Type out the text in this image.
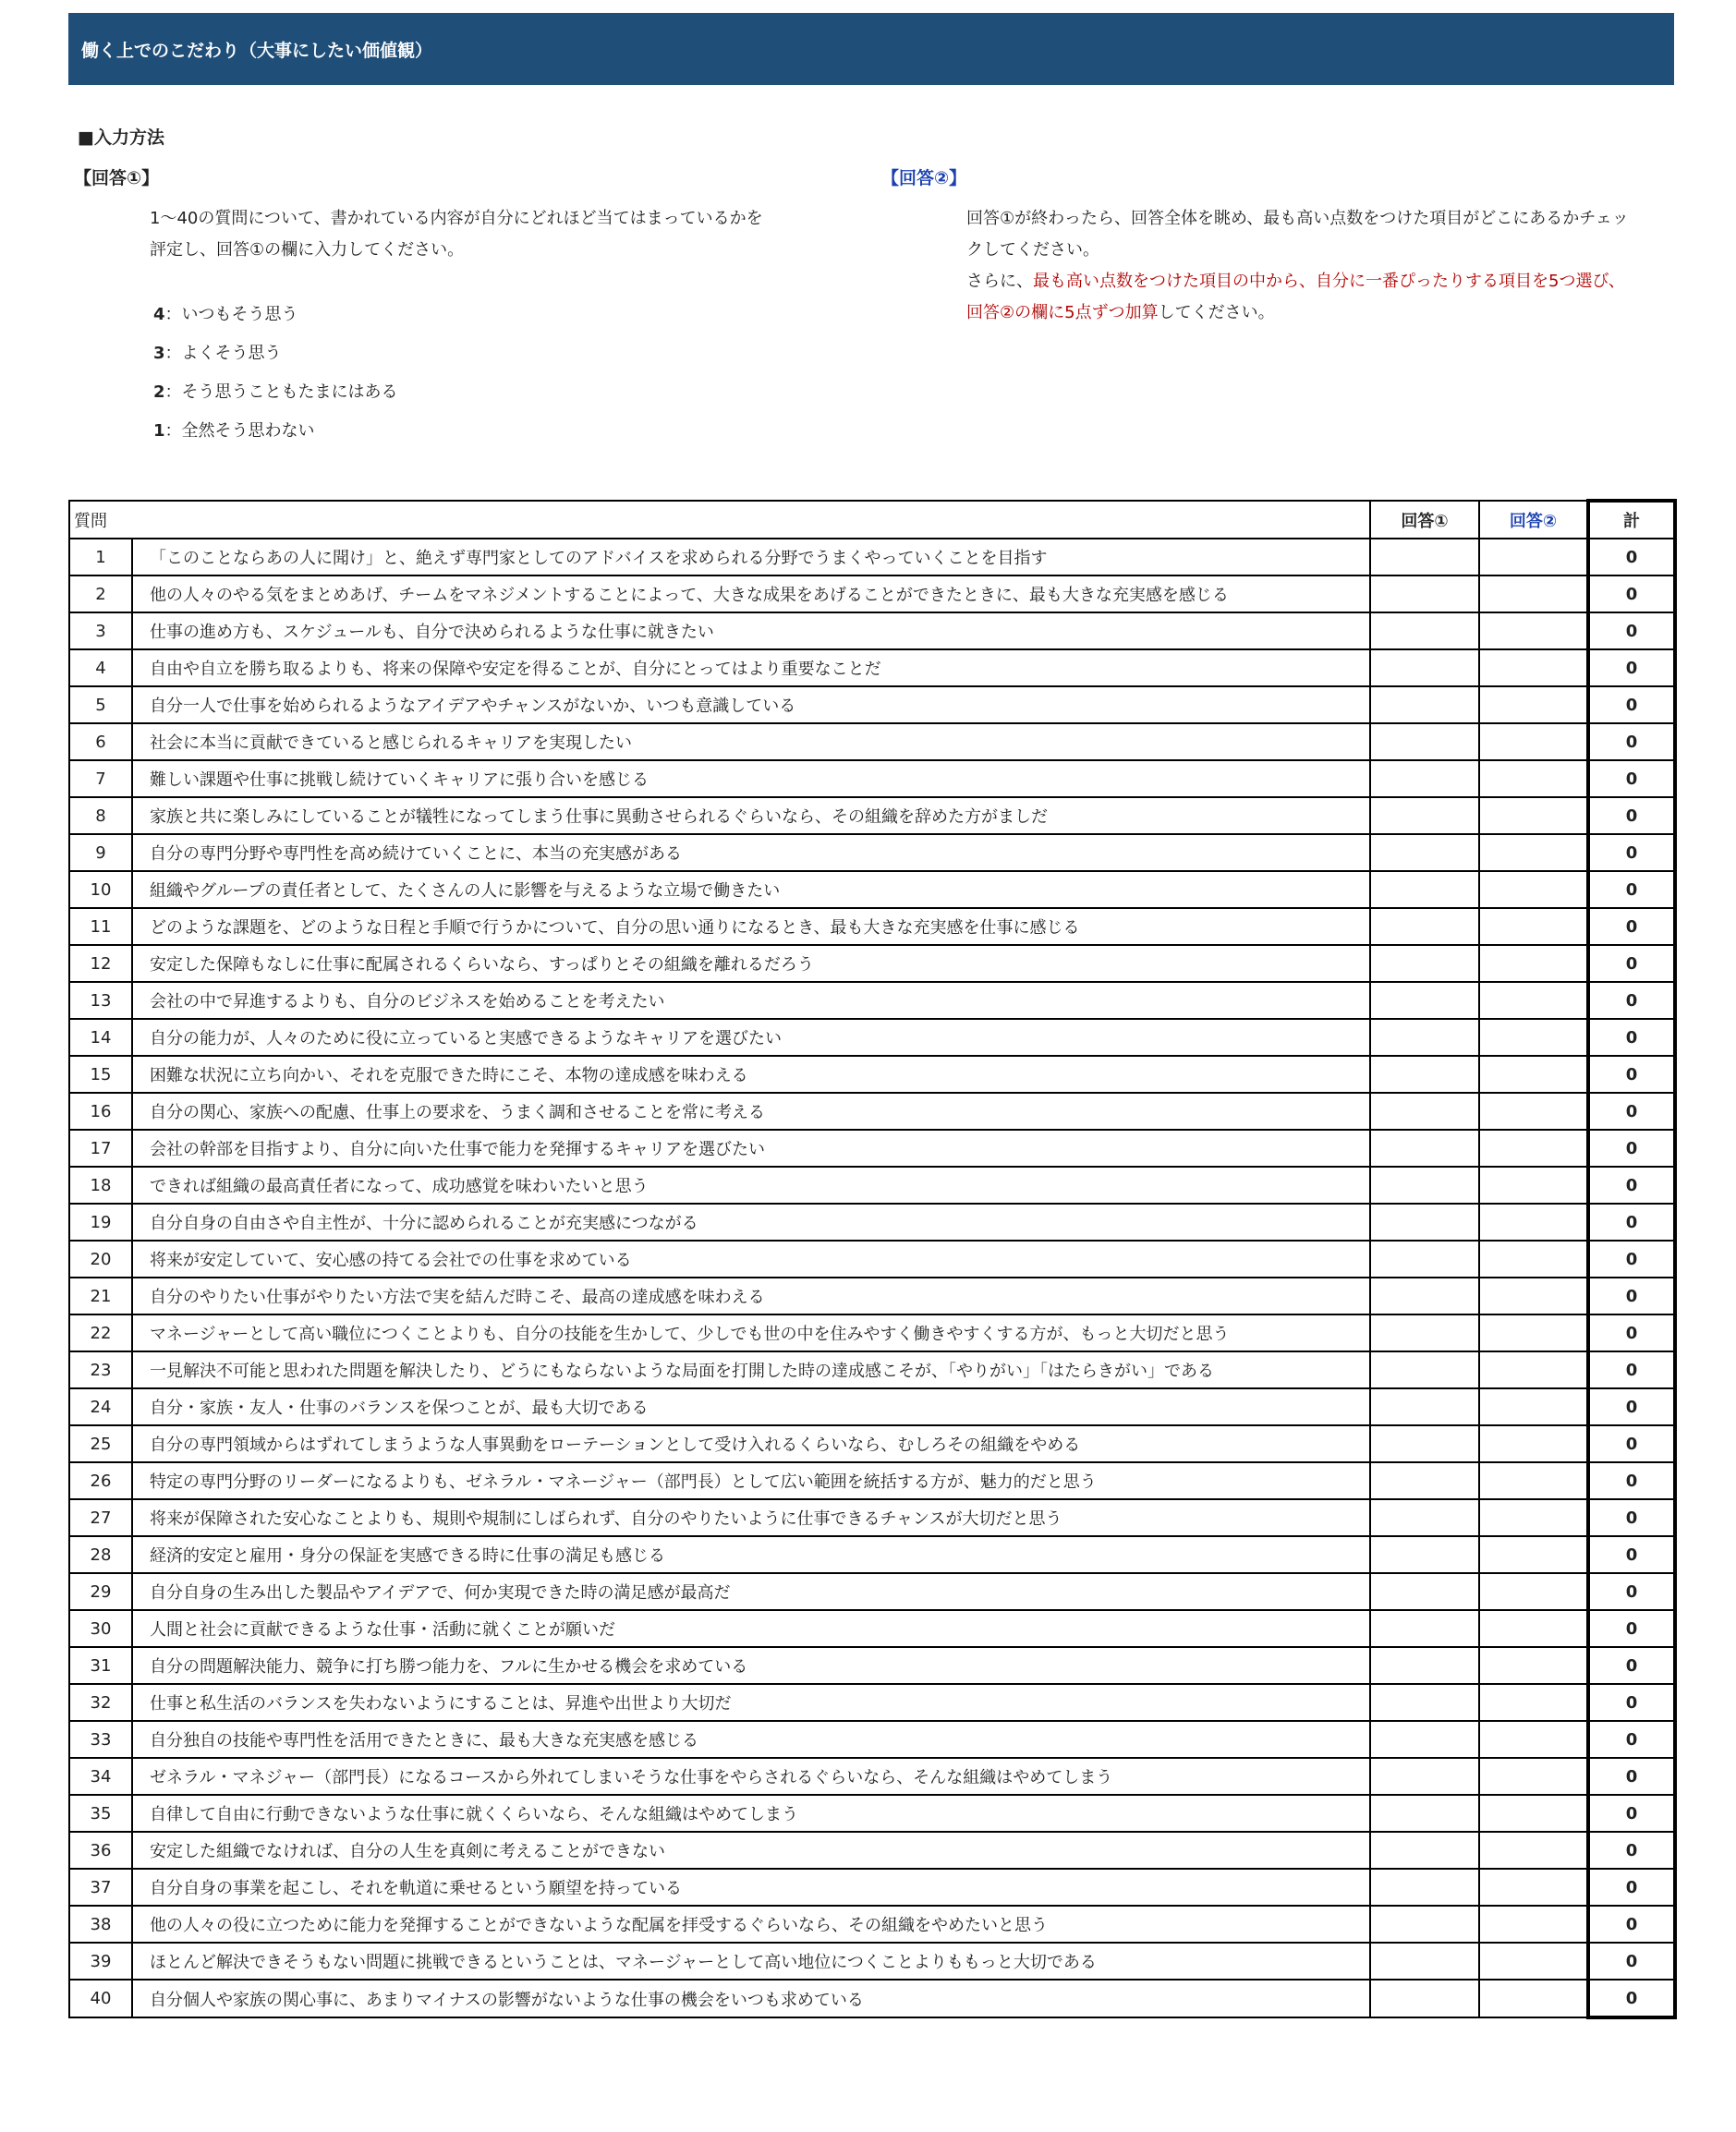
働く上でのこだわり（大事にしたい価値観）
■入力方法
【回答①】
1～40の質問について、書かれている内容が自分にどれほど当てはまっているかを
評定し、回答①の欄に入力してください。
4：いつもそう思う
3：よくそう思う
2：そう思うこともたまにはある
1：全然そう思わない
【回答②】
回答①が終わったら、回答全体を眺め、最も高い点数をつけた項目がどこにあるかチェッ
クしてください。
さらに、最も高い点数をつけた項目の中から、自分に一番ぴったりする項目を5つ選び、
回答②の欄に5点ずつ加算してください。
質問		回答①	回答②	計
1	「このことならあの人に聞け」と、絶えず専門家としてのアドバイスを求められる分野でうまくやっていくことを目指す			0
2	他の人々のやる気をまとめあげ、チームをマネジメントすることによって、大きな成果をあげることができたときに、最も大きな充実感を感じる			0
3	仕事の進め方も、スケジュールも、自分で決められるような仕事に就きたい			0
4	自由や自立を勝ち取るよりも、将来の保障や安定を得ることが、自分にとってはより重要なことだ			0
5	自分一人で仕事を始められるようなアイデアやチャンスがないか、いつも意識している			0
6	社会に本当に貢献できていると感じられるキャリアを実現したい			0
7	難しい課題や仕事に挑戦し続けていくキャリアに張り合いを感じる			0
8	家族と共に楽しみにしていることが犠牲になってしまう仕事に異動させられるぐらいなら、その組織を辞めた方がましだ			0
9	自分の専門分野や専門性を高め続けていくことに、本当の充実感がある			0
10	組織やグループの責任者として、たくさんの人に影響を与えるような立場で働きたい			0
11	どのような課題を、どのような日程と手順で行うかについて、自分の思い通りになるとき、最も大きな充実感を仕事に感じる			0
12	安定した保障もなしに仕事に配属されるくらいなら、すっぱりとその組織を離れるだろう			0
13	会社の中で昇進するよりも、自分のビジネスを始めることを考えたい			0
14	自分の能力が、人々のために役に立っていると実感できるようなキャリアを選びたい			0
15	困難な状況に立ち向かい、それを克服できた時にこそ、本物の達成感を味わえる			0
16	自分の関心、家族への配慮、仕事上の要求を、うまく調和させることを常に考える			0
17	会社の幹部を目指すより、自分に向いた仕事で能力を発揮するキャリアを選びたい			0
18	できれば組織の最高責任者になって、成功感覚を味わいたいと思う			0
19	自分自身の自由さや自主性が、十分に認められることが充実感につながる			0
20	将来が安定していて、安心感の持てる会社での仕事を求めている			0
21	自分のやりたい仕事がやりたい方法で実を結んだ時こそ、最高の達成感を味わえる			0
22	マネージャーとして高い職位につくことよりも、自分の技能を生かして、少しでも世の中を住みやすく働きやすくする方が、もっと大切だと思う			0
23	一見解決不可能と思われた問題を解決したり、どうにもならないような局面を打開した時の達成感こそが、「やりがい」「はたらきがい」である			0
24	自分・家族・友人・仕事のバランスを保つことが、最も大切である			0
25	自分の専門領域からはずれてしまうような人事異動をローテーションとして受け入れるくらいなら、むしろその組織をやめる			0
26	特定の専門分野のリーダーになるよりも、ゼネラル・マネージャー（部門長）として広い範囲を統括する方が、魅力的だと思う			0
27	将来が保障された安心なことよりも、規則や規制にしばられず、自分のやりたいように仕事できるチャンスが大切だと思う			0
28	経済的安定と雇用・身分の保証を実感できる時に仕事の満足も感じる			0
29	自分自身の生み出した製品やアイデアで、何か実現できた時の満足感が最高だ			0
30	人間と社会に貢献できるような仕事・活動に就くことが願いだ			0
31	自分の問題解決能力、競争に打ち勝つ能力を、フルに生かせる機会を求めている			0
32	仕事と私生活のバランスを失わないようにすることは、昇進や出世より大切だ			0
33	自分独自の技能や専門性を活用できたときに、最も大きな充実感を感じる			0
34	ゼネラル・マネジャー（部門長）になるコースから外れてしまいそうな仕事をやらされるぐらいなら、そんな組織はやめてしまう			0
35	自律して自由に行動できないような仕事に就くくらいなら、そんな組織はやめてしまう			0
36	安定した組織でなければ、自分の人生を真剣に考えることができない			0
37	自分自身の事業を起こし、それを軌道に乗せるという願望を持っている			0
38	他の人々の役に立つために能力を発揮することができないような配属を拝受するぐらいなら、その組織をやめたいと思う			0
39	ほとんど解決できそうもない問題に挑戦できるということは、マネージャーとして高い地位につくことよりももっと大切である			0
40	自分個人や家族の関心事に、あまりマイナスの影響がないような仕事の機会をいつも求めている			0
